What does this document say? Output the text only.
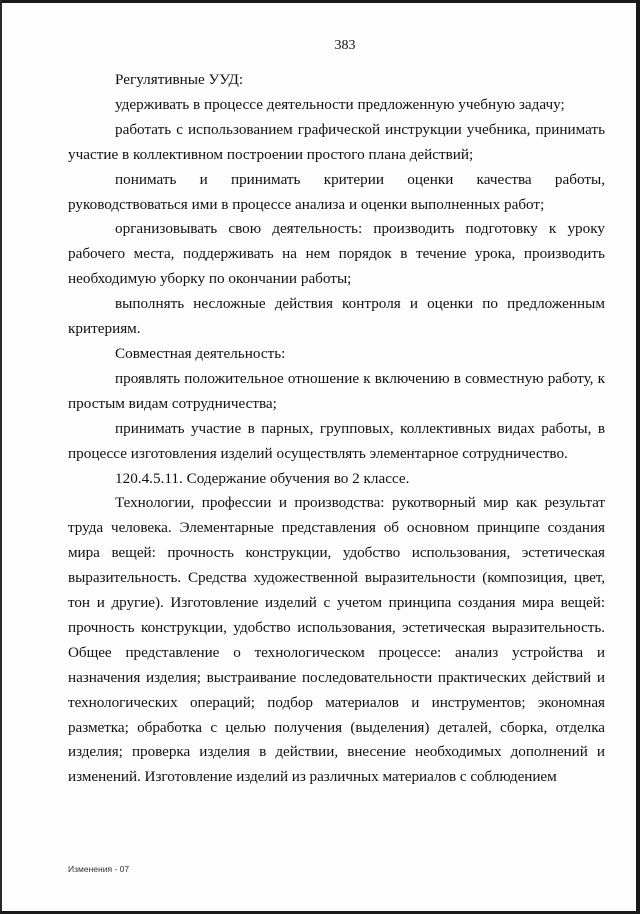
383

Регулятивные УУД:

удерживать в процессе деятельности предложенную учебную задачу;

работать с использованием графической инструкции учебника, принимать участие в коллективном построении простого плана действий;

понимать и принимать критерии оценки качества работы, руководствоваться ими в процессе анализа и оценки выполненных работ;

организовывать свою деятельность: производить подготовку к уроку рабочего места, поддерживать на нем порядок в течение урока, производить необходимую уборку по окончании работы;

выполнять несложные действия контроля и оценки по предложенным критериям.

Совместная деятельность:

проявлять положительное отношение к включению в совместную работу, к простым видам сотрудничества;

принимать участие в парных, групповых, коллективных видах работы, в процессе изготовления изделий осуществлять элементарное сотрудничество.

120.4.5.11. Содержание обучения во 2 классе.

Технологии, профессии и производства: рукотворный мир как результат труда человека. Элементарные представления об основном принципе создания мира вещей: прочность конструкции, удобство использования, эстетическая выразительность. Средства художественной выразительности (композиция, цвет, тон и другие). Изготовление изделий с учетом принципа создания мира вещей: прочность конструкции, удобство использования, эстетическая выразительность. Общее представление о технологическом процессе: анализ устройства и назначения изделия; выстраивание последовательности практических действий и технологических операций; подбор материалов и инструментов; экономная разметка; обработка с целью получения (выделения) деталей, сборка, отделка изделия; проверка изделия в действии, внесение необходимых дополнений и изменений. Изготовление изделий из различных материалов с соблюдением

Изменения - 07
